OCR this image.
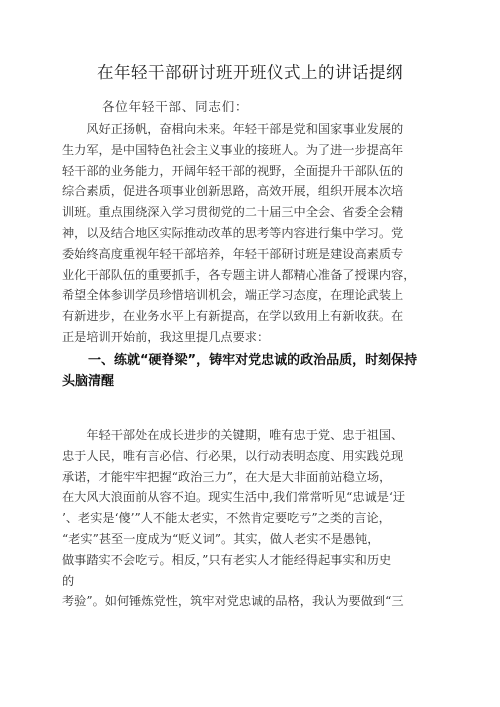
在年轻干部研讨班开班仪式上的讲话提纲
各位年轻干部、同志们：
　　风好正扬帆，奋楫向未来。年轻干部是党和国家事业发展的
生力军，是中国特色社会主义事业的接班人。为了进一步提高年
轻干部的业务能力，开阔年轻干部的视野，全面提升干部队伍的
综合素质，促进各项事业创新思路，高效开展，组织开展本次培
训班。重点围绕深入学习贯彻党的二十届三中全会、省委全会精
神，以及结合地区实际推动改革的思考等内容进行集中学习。党
委始终高度重视年轻干部培养，年轻干部研讨班是建设高素质专
业化干部队伍的重要抓手，各专题主讲人都精心准备了授课内容，
希望全体参训学员珍惜培训机会，端正学习态度，在理论武装上
有新进步，在业务水平上有新提高，在学以致用上有新收获。在
正是培训开始前，我这里提几点要求：
　　一、练就“硬脊梁”，铸牢对党忠诚的政治品质，时刻保持
头脑清醒
　　年轻干部处在成长进步的关键期，唯有忠于党、忠于祖国、
忠于人民，唯有言必信、行必果，以行动表明态度、用实践兑现
承诺，才能牢牢把握“政治三力”，在大是大非面前站稳立场，
在大风大浪面前从容不迫。现实生活中,我们常常听见“忠诚是‘迂
’、老实是‘傻’”人不能太老实，不然肯定要吃亏”之类的言论，
“老实”甚至一度成为“贬义词”。其实，做人老实不是愚钝，
做事踏实不会吃亏。相反，”只有老实人才能经得起事实和历史
的
考验”。如何锤炼党性，筑牢对党忠诚的品格，我认为要做到“三
